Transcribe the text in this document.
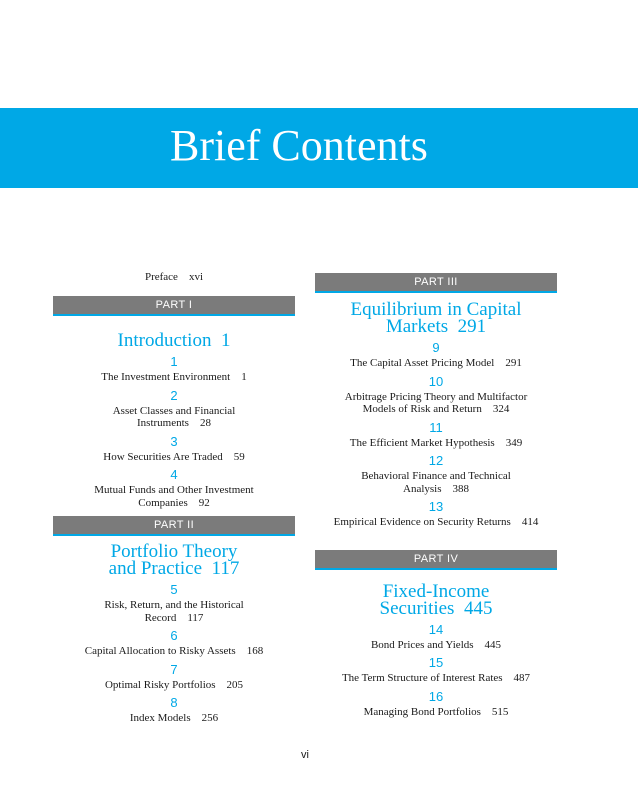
Brief Contents
Preface xvi
PART I
Introduction  1
1
The Investment Environment    1
2
Asset Classes and Financial
Instruments    28
3
How Securities Are Traded    59
4
Mutual Funds and Other Investment
Companies    92
PART II
Portfolio Theory
and Practice  117
5
Risk, Return, and the Historical
Record    117
6
Capital Allocation to Risky Assets    168
7
Optimal Risky Portfolios    205
8
Index Models    256
PART III
Equilibrium in Capital
Markets  291
9
The Capital Asset Pricing Model    291
10
Arbitrage Pricing Theory and Multifactor
Models of Risk and Return    324
11
The Efficient Market Hypothesis    349
12
Behavioral Finance and Technical
Analysis    388
13
Empirical Evidence on Security Returns    414
PART IV
Fixed-Income
Securities  445
14
Bond Prices and Yields    445
15
The Term Structure of Interest Rates    487
16
Managing Bond Portfolios    515
vi
